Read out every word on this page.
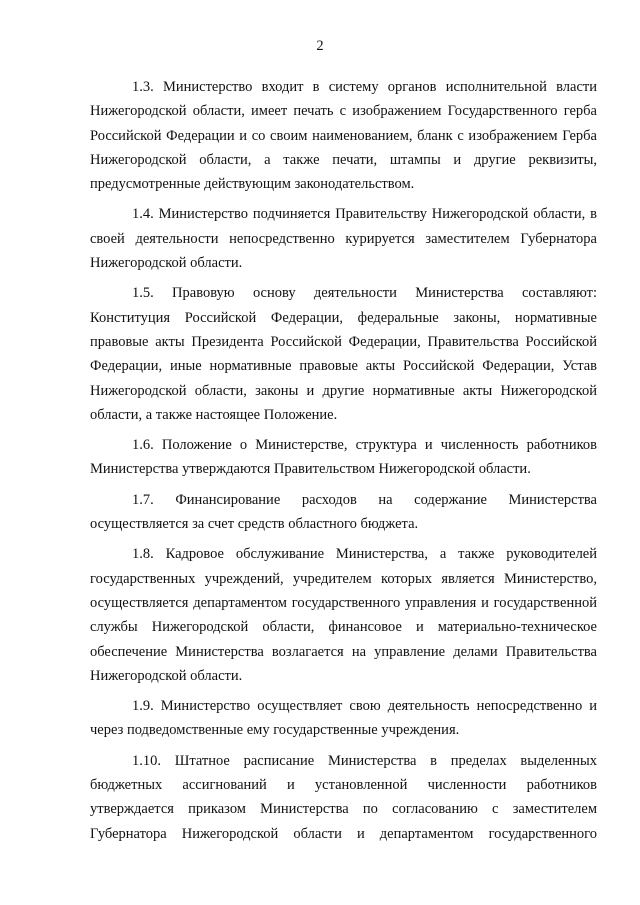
2

1.3. Министерство входит в систему органов исполнительной власти Нижегородской области, имеет печать с изображением Государственного герба Российской Федерации и со своим наименованием, бланк с изображением Герба Нижегородской области, а также печати, штампы и другие реквизиты, предусмотренные действующим законодательством.

1.4. Министерство подчиняется Правительству Нижегородской области, в своей деятельности непосредственно курируется заместителем Губернатора Нижегородской области.

1.5. Правовую основу деятельности Министерства составляют: Конституция Российской Федерации, федеральные законы, нормативные правовые акты Президента Российской Федерации, Правительства Российской Федерации, иные нормативные правовые акты Российской Федерации, Устав Нижегородской области, законы и другие нормативные акты Нижегородской области, а также настоящее Положение.

1.6. Положение о Министерстве, структура и численность работников Министерства утверждаются Правительством Нижегородской области.

1.7. Финансирование расходов на содержание Министерства осуществляется за счет средств областного бюджета.

1.8. Кадровое обслуживание Министерства, а также руководителей государственных учреждений, учредителем которых является Министерство, осуществляется департаментом государственного управления и государственной службы Нижегородской области, финансовое и материально-техническое обеспечение Министерства возлагается на управление делами Правительства Нижегородской области.

1.9. Министерство осуществляет свою деятельность непосредственно и через подведомственные ему государственные учреждения.

1.10. Штатное расписание Министерства в пределах выделенных бюджетных ассигнований и установленной численности работников утверждается приказом Министерства по согласованию с заместителем Губернатора Нижегородской области и департаментом государственного
